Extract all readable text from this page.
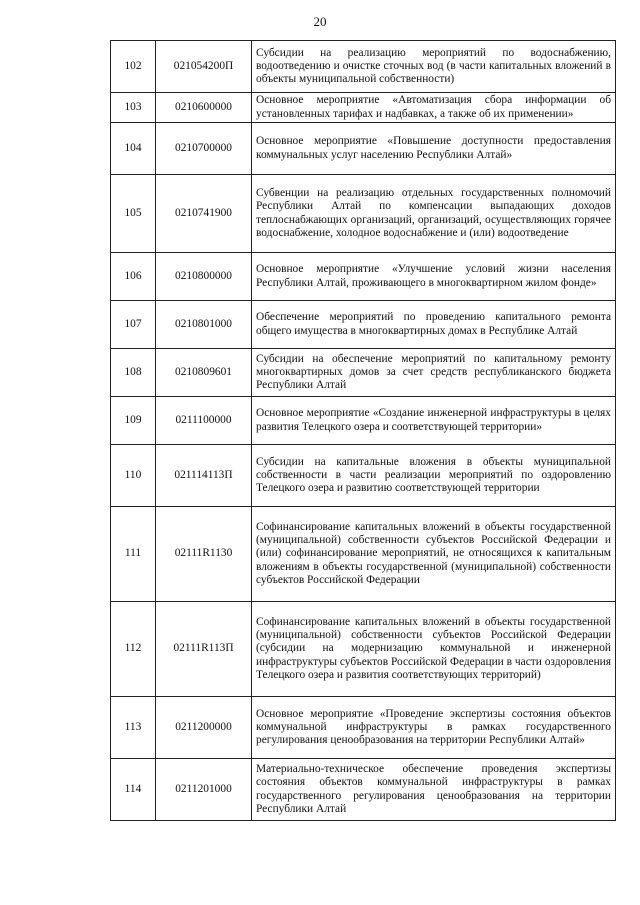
20
102	021054200П	Субсидии на реализацию мероприятий по водоснабжению, водоотведению и очистке сточных вод (в части капитальных вложений в объекты муниципальной собственности)
103	0210600000	Основное мероприятие «Автоматизация сбора информации об установленных тарифах и надбавках, а также об их применении»
104	0210700000	Основное мероприятие «Повышение доступности предоставления коммунальных услуг населению Республики Алтай»
105	0210741900	Субвенции на реализацию отдельных государственных полномочий Республики Алтай по компенсации выпадающих доходов теплоснабжающих организаций, организаций, осуществляющих горячее водоснабжение, холодное водоснабжение и (или) водоотведение
106	0210800000	Основное мероприятие «Улучшение условий жизни населения Республики Алтай, проживающего в многоквартирном жилом фонде»
107	0210801000	Обеспечение мероприятий по проведению капитального ремонта общего имущества в многоквартирных домах в Республике Алтай
108	0210809601	Субсидии на обеспечение мероприятий по капитальному ремонту многоквартирных домов за счет средств республиканского бюджета Республики Алтай
109	0211100000	Основное мероприятие «Создание инженерной инфраструктуры в целях развития Телецкого озера и соответствующей территории»
110	021114113П	Субсидии на капитальные вложения в объекты муниципальной собственности в части реализации мероприятий по оздоровлению Телецкого озера и развитию соответствующей территории
111	02111R1130	Софинансирование капитальных вложений в объекты государственной (муниципальной) собственности субъектов Российской Федерации и (или) софинансирование мероприятий, не относящихся к капитальным вложениям в объекты государственной (муниципальной) собственности субъектов Российской Федерации
112	02111R113П	Софинансирование капитальных вложений в объекты государственной (муниципальной) собственности субъектов Российской Федерации (субсидии на модернизацию коммунальной и инженерной инфраструктуры субъектов Российской Федерации в части оздоровления Телецкого озера и развития соответствующих территорий)
113	0211200000	Основное мероприятие «Проведение экспертизы состояния объектов коммунальной инфраструктуры в рамках государственного регулирования ценообразования на территории Республики Алтай»
114	0211201000	Материально-техническое обеспечение проведения экспертизы состояния объектов коммунальной инфраструктуры в рамках государственного регулирования ценообразования на территории Республики Алтай
